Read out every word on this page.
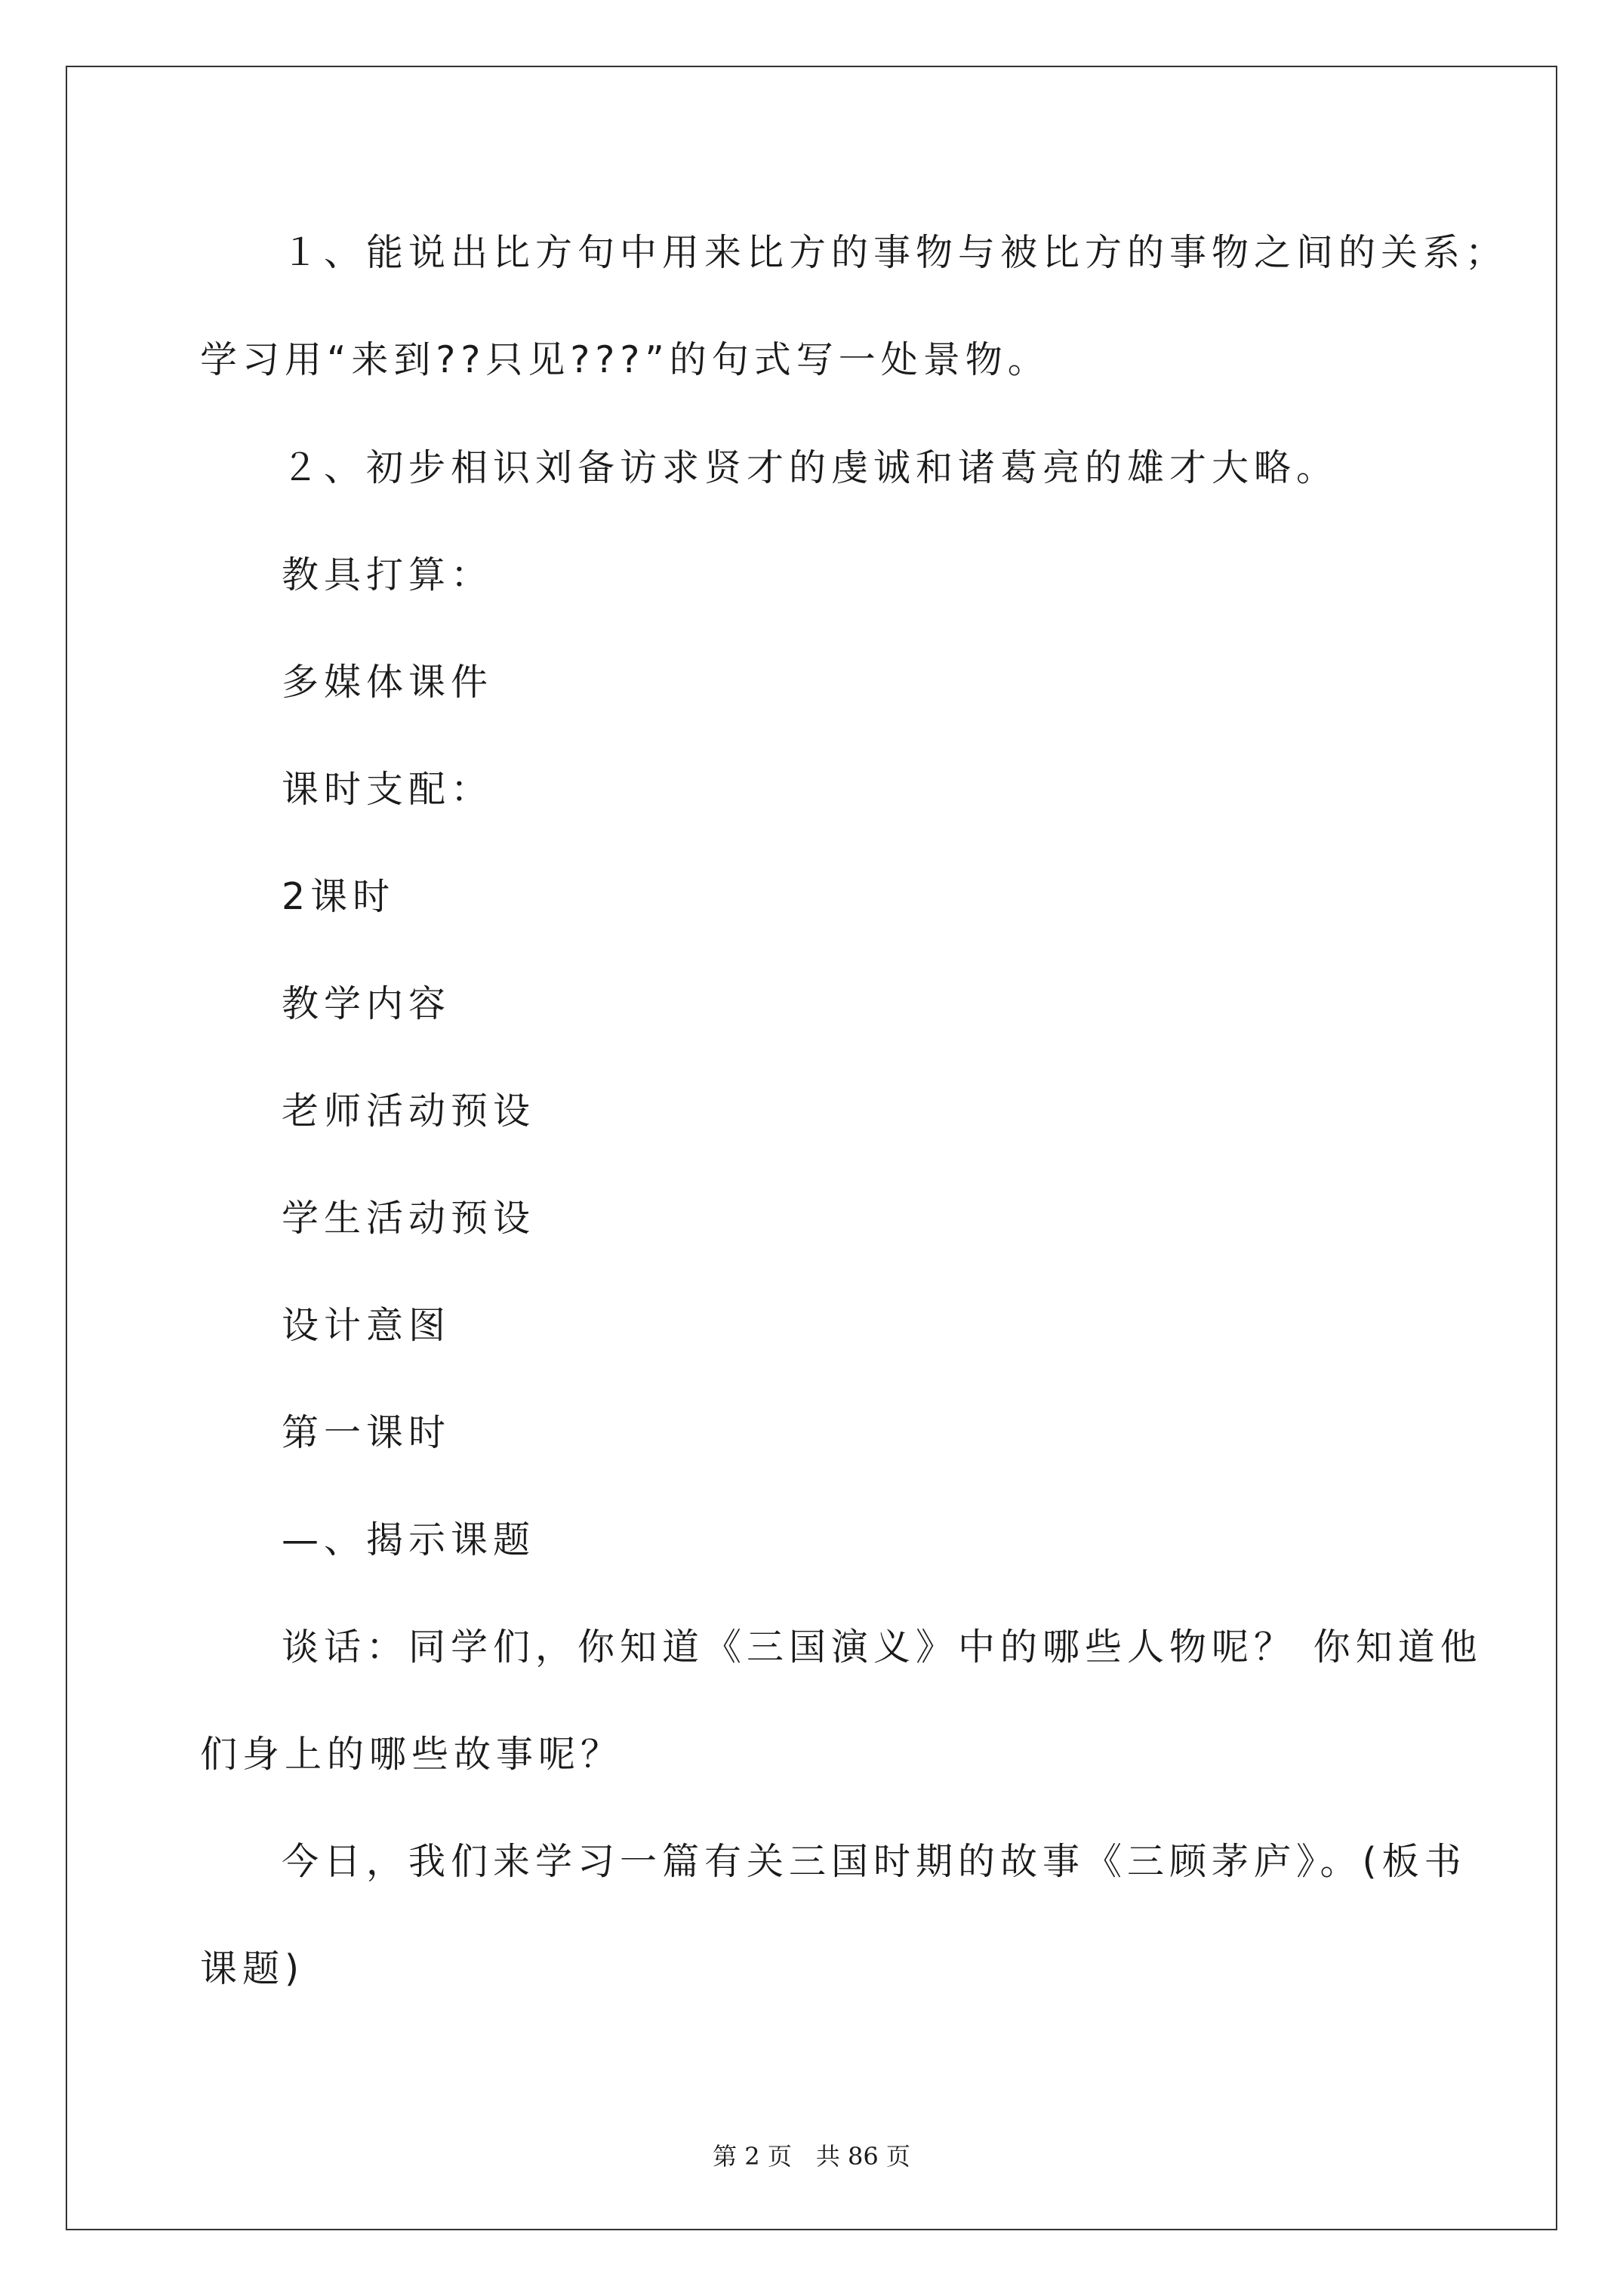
１、能说出比方句中用来比方的事物与被比方的事物之间的关系；
学习用“来到??只见???”的句式写一处景物。
２、初步相识刘备访求贤才的虔诚和诸葛亮的雄才大略。
教具打算：
多媒体课件
课时支配：
2课时
教学内容
老师活动预设
学生活动预设
设计意图
第一课时
—、揭示课题
谈话：同学们，你知道《三国演义》中的哪些人物呢？ 你知道他
们身上的哪些故事呢？
今日，我们来学习一篇有关三国时期的故事《三顾茅庐》。(板书
课题)
第 2 页　共 86 页
